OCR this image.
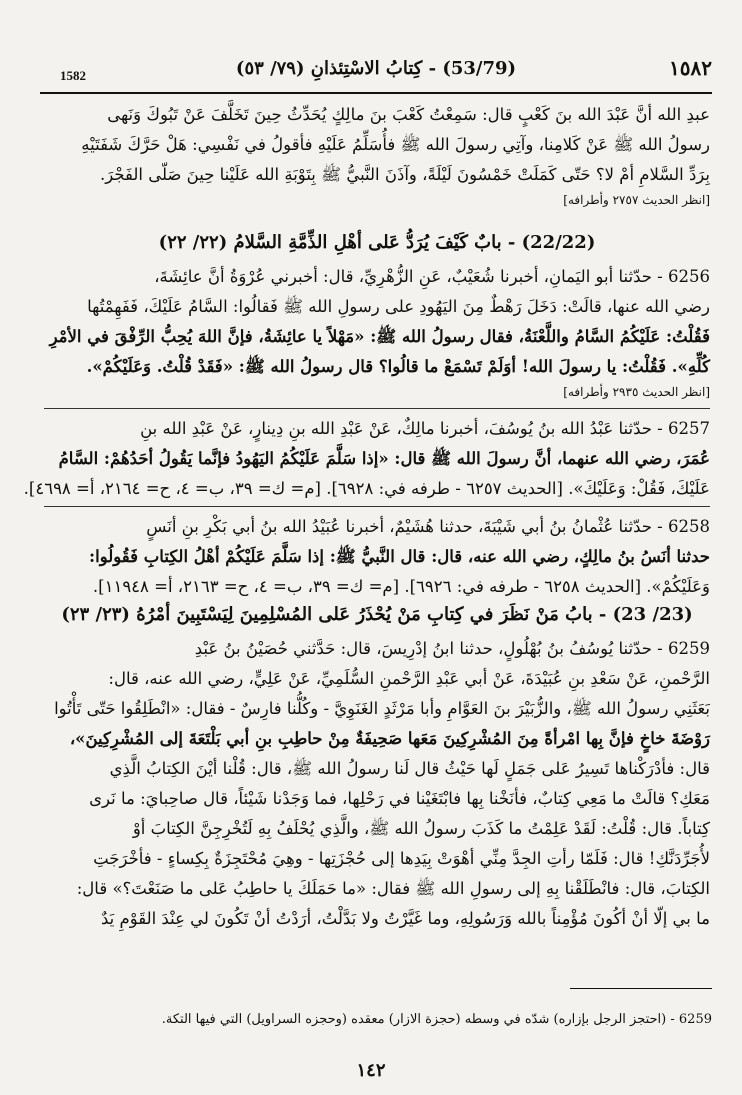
1582	(53/79) - كِتابُ الاسْتِئذانِ (٧٩/ ٥٣)	١٥٨٢
عبدِ الله أنَّ عَبْدَ الله بنَ كَعْبٍ قال: سَمِعْتُ كَعْبَ بنَ مالِكٍ يُحَدِّثُ حِينَ تَخَلَّفَ عَنْ تَبُوكَ وَنَهى
رسولُ الله ﷺ عَنْ كَلامِنا، وآتِي رسولَ الله ﷺ فأُسَلِّمُ عَلَيْهِ فأقولُ في نَفْسِي: هَلْ حَرَّكَ شَفَتَيْهِ
بِرَدِّ السَّلامِ أمْ لا؟ حَتّى كَمَلَتْ خَمْسُونَ لَيْلَةً، وآذَنَ النَّبيُّ ﷺ بِتَوْبَةِ الله عَلَيْنا حِينَ صَلّى الفَجْرَ.
[انظر الحديث ٢٧٥٧ وأطرافه]
(22/22) - بابٌ كَيْفَ يُرَدُّ عَلى أهْلِ الذِّمَّةِ السَّلامُ (٢٢/ ٢٢)
6256 - حدّثنا أبو اليَمانِ، أخبرنا شُعَيْبٌ، عَنِ الزُّهْرِيِّ، قال: أخبرني عُرْوَةُ أنَّ عائِشَةَ،
رضي الله عنها، قالَتْ: دَخَلَ رَهْطٌ مِنَ اليَهُودِ على رسولِ الله ﷺ فَقالُوا: السَّامُ عَلَيْكَ، فَفَهِمْتُها
فَقُلْتُ: عَلَيْكُمُ السَّامُ واللَّعْنَةُ، فقال رسولُ الله ﷺ: «مَهْلاً يا عائِشَةُ، فإنَّ اللهَ يُحِبُّ الرِّفْقَ في الأمْرِ
كُلِّهِ». فَقُلْتُ: يا رسولَ الله! أوَلَمْ تَسْمَعْ ما قالُوا؟ قال رسولُ الله ﷺ: «فَقَدْ قُلْتُ. وَعَلَيْكُمْ».
[انظر الحديث ٢٩٣٥ وأطرافه]
6257 - حدّثنا عَبْدُ الله بنُ يُوسُفَ، أخبرنا مالِكٌ، عَنْ عَبْدِ الله بنِ دِينارٍ، عَنْ عَبْدِ الله بنِ
عُمَرَ، رضي الله عنهما، أنَّ رسولَ الله ﷺ قال: «إذا سَلَّمَ عَلَيْكُمُ اليَهُودُ فإنَّما يَقُولُ أحَدُهُمْ: السَّامُ
عَلَيْكَ، فَقُلْ: وَعَلَيْكَ». [الحديث ٦٢٥٧ - طرفه في: ٦٩٢٨]. [م= ك= ٣٩، ب= ٤، ح= ٢١٦٤، أ= ٤٦٩٨].
6258 - حدّثنا عُثْمانُ بنُ أبي شَيْبَةَ، حدثنا هُشَيْمٌ، أخبرنا عُبَيْدُ الله بنُ أبي بَكْرِ بنِ أنَسٍ
حدثنا أنَسُ بنُ مالِكٍ، رضي الله عنه، قال: قال النَّبيُّ ﷺ: إذا سَلَّمَ عَلَيْكُمْ أهْلُ الكِتابِ فَقُولُوا:
وَعَلَيْكُمْ». [الحديث ٦٢٥٨ - طرفه في: ٦٩٢٦]. [م= ك= ٣٩، ب= ٤، ح= ٢١٦٣، أ= ١١٩٤٨].
(23/ 23) - بابُ مَنْ نَظَرَ في كِتابِ مَنْ يُحْذَرُ عَلى المُسْلِمِينَ لِيَسْتَبِينَ أمْرُهُ (٢٣/ ٢٣)
6259 - حدّثنا يُوسُفُ بنُ بُهْلُولٍ، حدثنا ابنُ إدْرِيسَ، قال: حَدَّثني حُصَيْنُ بنُ عَبْدِ
الرَّحْمنِ، عَنْ سَعْدِ بنِ عُبَيْدَةَ، عَنْ أبي عَبْدِ الرَّحْمنِ السُّلَمِيِّ، عَنْ عَلِيٍّ، رضي الله عنه، قال:
بَعَثَنِي رسولُ الله ﷺ، والزُّبَيْرَ بنَ العَوَّامِ وأبا مَرْثَدٍ الغَنَوِيَّ - وكُلُّنا فارِسٌ - فقال: «انْطَلِقُوا حَتّى تَأْتُوا
رَوْضَةَ خاخٍ فإنَّ بِها امْرأةً مِنَ المُشْرِكِينَ مَعَها صَحِيفَةٌ مِنْ حاطِبِ بنِ أبي بَلْتَعَةَ إلى المُشْرِكِينَ»،
قال: فأدْرَكْناها تَسِيرُ عَلى جَمَلٍ لَها حَيْثُ قال لَنا رسولُ الله ﷺ، قال: قُلْنا أيْنَ الكِتابُ الَّذِي
مَعَكِ؟ قالَتْ ما مَعِي كِتابٌ، فأنَخْنا بِها فابْتَغَيْنا في رَحْلِها، فما وَجَدْنا شَيْئاً، قال صاحِبايَ: ما نَرى
كِتاباً. قال: قُلْتُ: لَقَدْ عَلِمْتُ ما كَذَبَ رسولُ الله ﷺ، والَّذِي يُحْلَفُ بِهِ لَتُخْرِجِنَّ الكِتابَ أوْ
لأُجَرِّدَنَّكِ! قال: فَلَمّا رأتِ الجِدَّ مِنِّي أهْوَتْ بِيَدِها إلى حُجْزَتِها - وهِيَ مُحْتَجِزَةٌ بِكِساءٍ - فأخْرَجَتِ
الكِتابَ، قال: فانْطَلَقْنا بِهِ إلى رسولِ الله ﷺ فقال: «ما حَمَلَكَ يا حاطِبُ عَلى ما صَنَعْتَ؟» قال:
ما بي إلّا أنْ أكُونَ مُؤْمِناً بالله وَرَسُولِهِ، وما غَيَّرْتُ ولا بَدَّلْتُ، أرَدْتُ أنْ تَكُونَ لي عِنْدَ القَوْمِ يَدٌ
6259 - (احتجز الرجل بإزاره) شدّه في وسطه (حجزة الازار) معقده (وحجزه السراويل) التي فيها التكة.
١٤٢
